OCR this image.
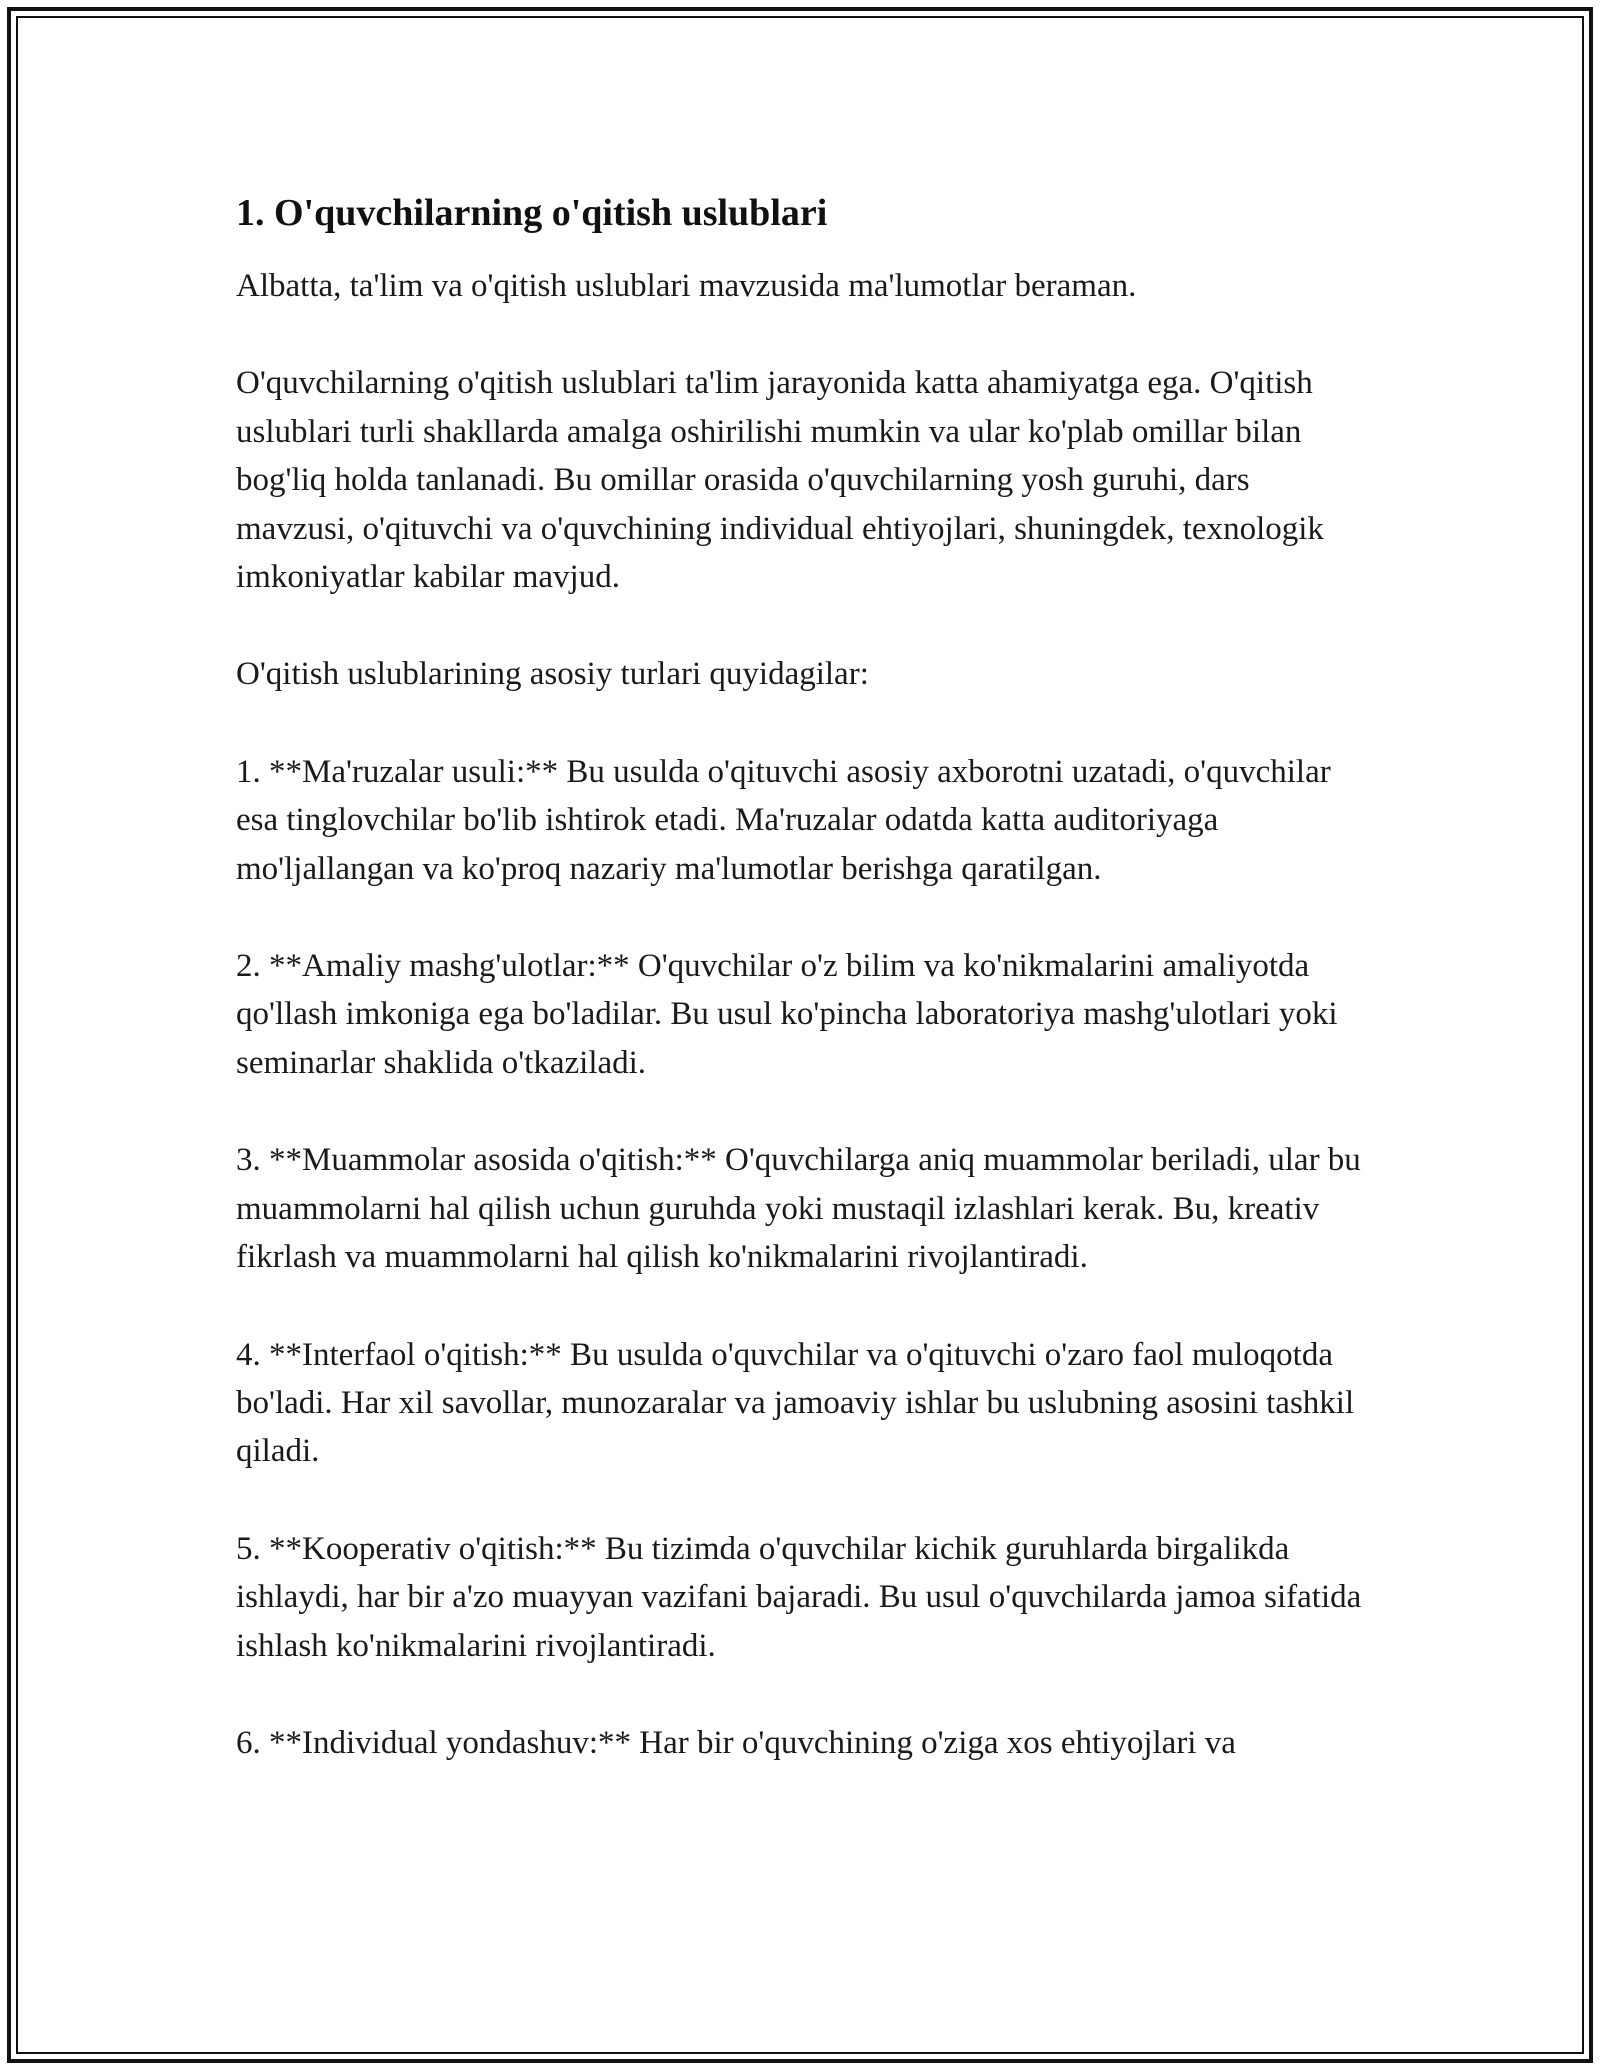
1. O'quvchilarning o'qitish uslublari

Albatta, ta'lim va o'qitish uslublari mavzusida ma'lumotlar beraman.

O'quvchilarning o'qitish uslublari ta'lim jarayonida katta ahamiyatga ega. O'qitish uslublari turli shakllarda amalga oshirilishi mumkin va ular ko'plab omillar bilan bog'liq holda tanlanadi. Bu omillar orasida o'quvchilarning yosh guruhi, dars mavzusi, o'qituvchi va o'quvchining individual ehtiyojlari, shuningdek, texnologik imkoniyatlar kabilar mavjud.

O'qitish uslublarining asosiy turlari quyidagilar:

1. **Ma'ruzalar usuli:** Bu usulda o'qituvchi asosiy axborotni uzatadi, o'quvchilar esa tinglovchilar bo'lib ishtirok etadi. Ma'ruzalar odatda katta auditoriyaga mo'ljallangan va ko'proq nazariy ma'lumotlar berishga qaratilgan.

2. **Amaliy mashg'ulotlar:** O'quvchilar o'z bilim va ko'nikmalarini amaliyotda qo'llash imkoniga ega bo'ladilar. Bu usul ko'pincha laboratoriya mashg'ulotlari yoki seminarlar shaklida o'tkaziladi.

3. **Muammolar asosida o'qitish:** O'quvchilarga aniq muammolar beriladi, ular bu muammolarni hal qilish uchun guruhda yoki mustaqil izlashlari kerak. Bu, kreativ fikrlash va muammolarni hal qilish ko'nikmalarini rivojlantiradi.

4. **Interfaol o'qitish:** Bu usulda o'quvchilar va o'qituvchi o'zaro faol muloqotda bo'ladi. Har xil savollar, munozaralar va jamoaviy ishlar bu uslubning asosini tashkil qiladi.

5. **Kooperativ o'qitish:** Bu tizimda o'quvchilar kichik guruhlarda birgalikda ishlaydi, har bir a'zo muayyan vazifani bajaradi. Bu usul o'quvchilarda jamoa sifatida ishlash ko'nikmalarini rivojlantiradi.

6. **Individual yondashuv:** Har bir o'quvchining o'ziga xos ehtiyojlari va
